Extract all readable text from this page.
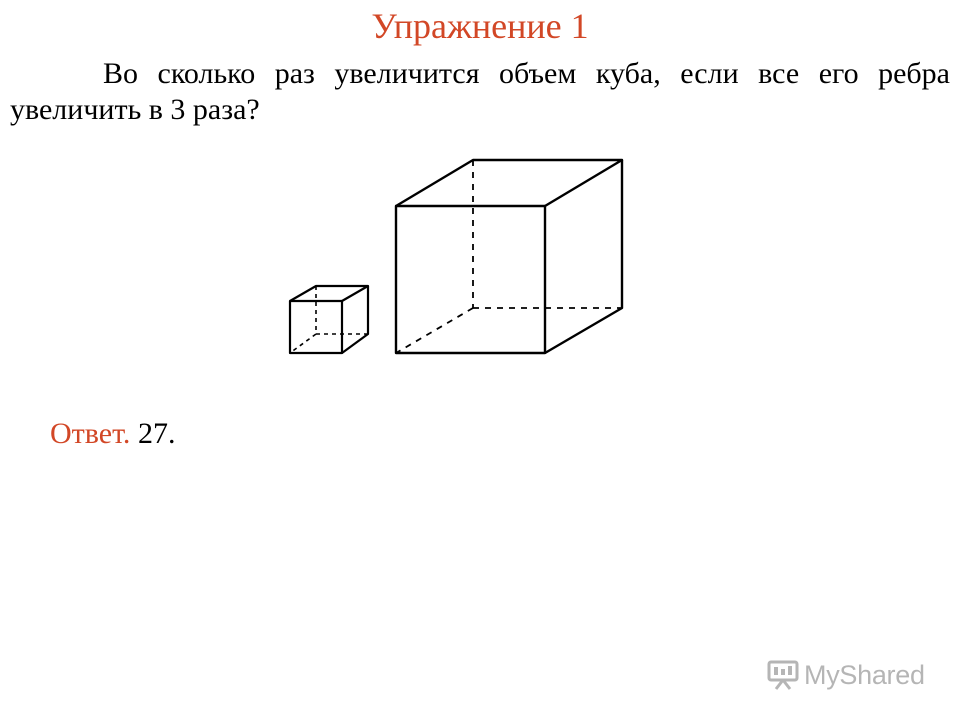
Упражнение 1
Во сколько раз увеличится объем куба, если все его ребра увеличить в 3 раза?
Ответ. 27.
MyShared
